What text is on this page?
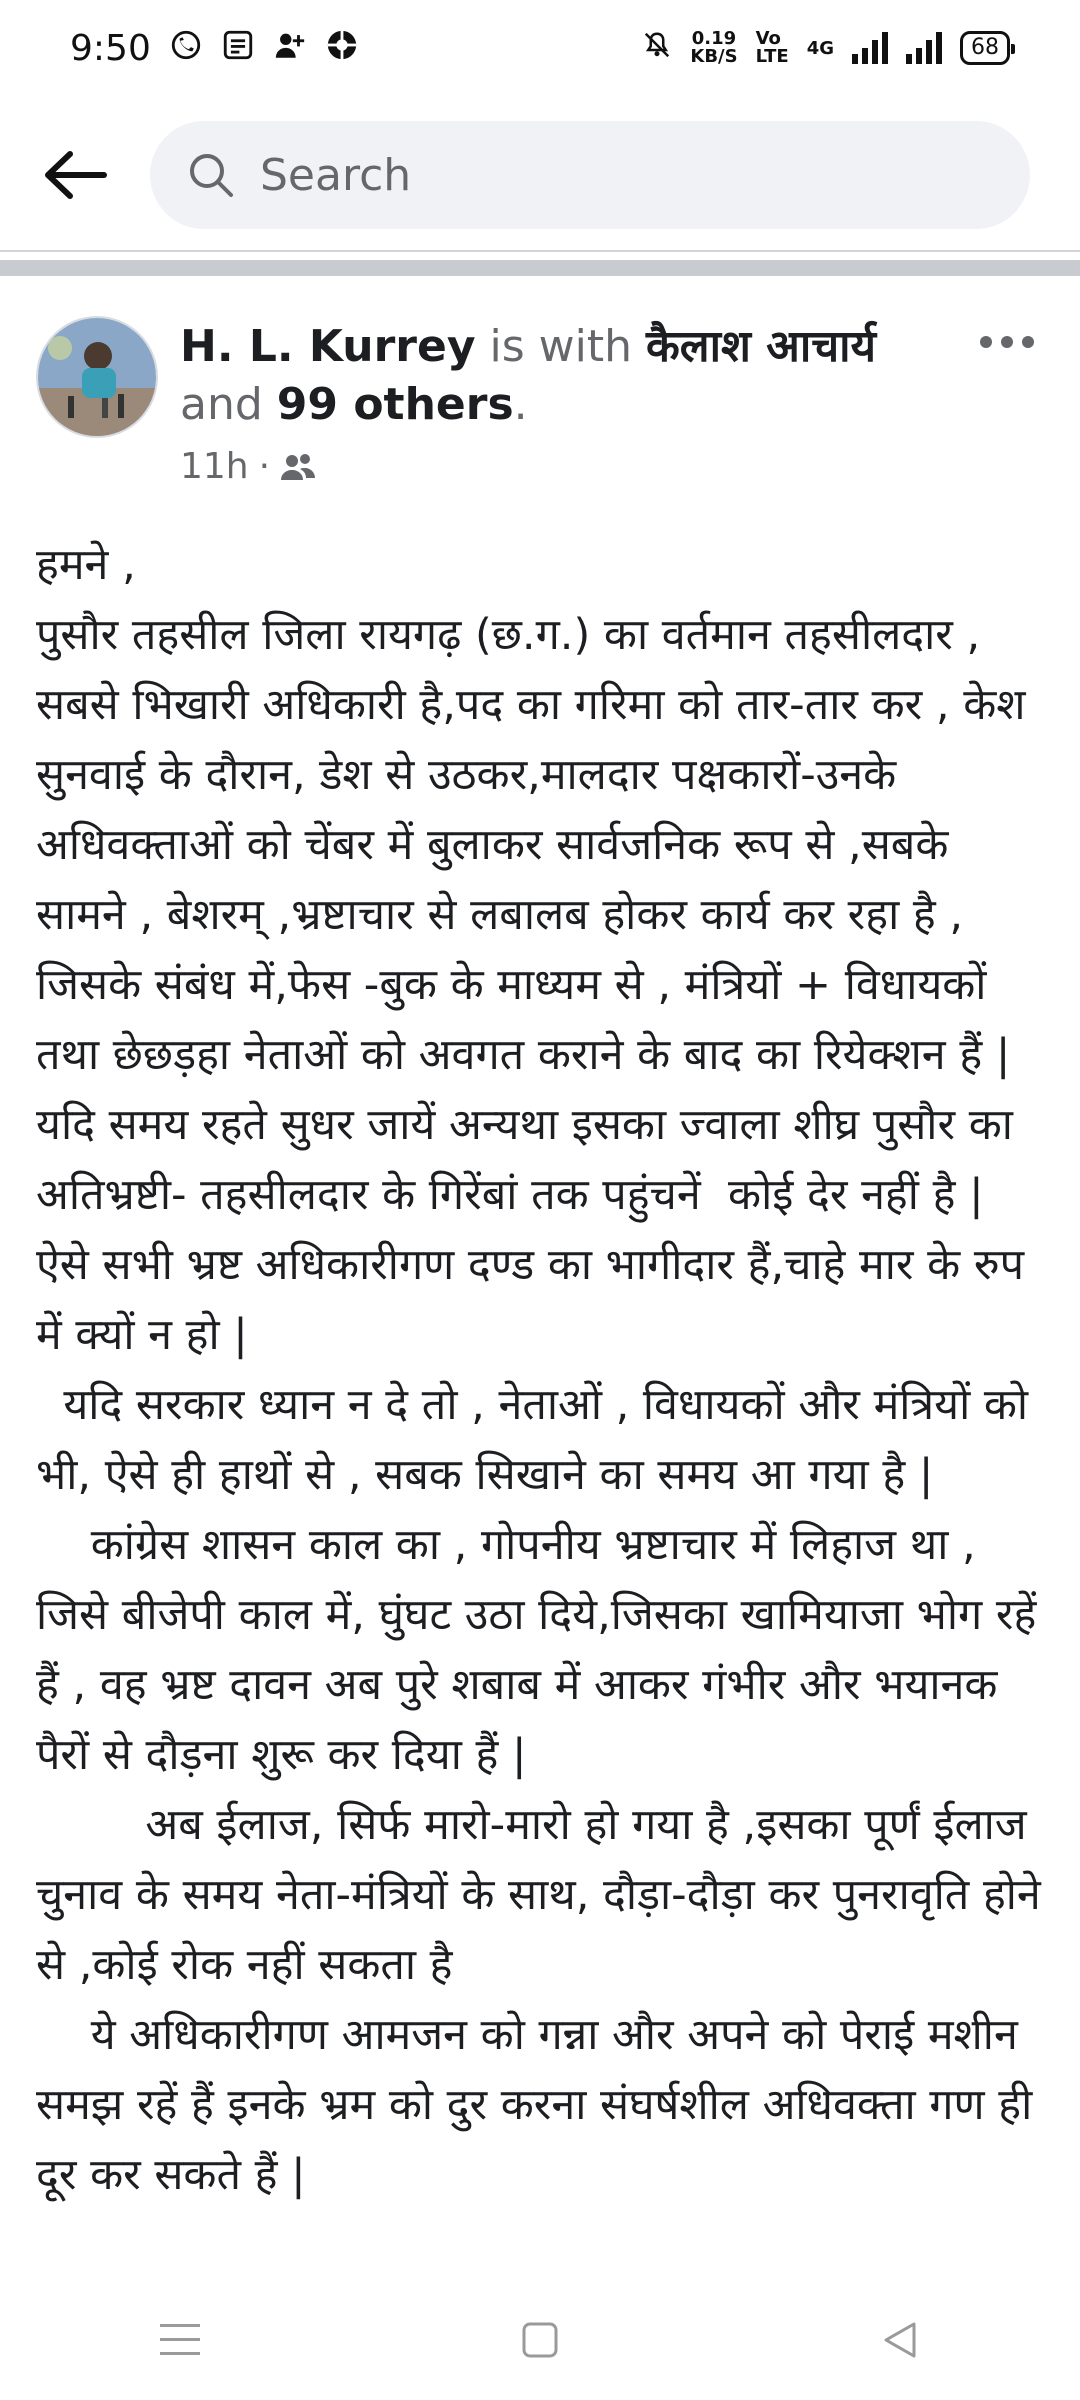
9:50	0.19
KB/S
Vo
LTE 4G	68
Search
H. L. Kurrey is with कैलाश आचार्य
and 99 others.
11h ·

हमने ,

पुसौर तहसील जिला रायगढ़ (छ.ग.) का वर्तमान तहसीलदार , सबसे भिखारी अधिकारी है,पद का गरिमा को तार-तार कर , केश सुनवाई के दौरान, डेश से उठकर,मालदार पक्षकारों-उनके अधिवक्ताओं को चेंबर में बुलाकर सार्वजनिक रूप से ,सबके सामने , बेशरम् ,भ्रष्टाचार से लबालब होकर कार्य कर रहा है , जिसके संबंध में,फेस -बुक के माध्यम से , मंत्रियों + विधायकों तथा छेछड़हा नेताओं को अवगत कराने के बाद का रियेक्शन हैं | यदि समय रहते सुधर जायें अन्यथा इसका ज्वाला शीघ्र पुसौर का अतिभ्रष्टी- तहसीलदार के गिरेंबां तक पहुंचनें  कोई देर नहीं है |

ऐसे सभी भ्रष्ट अधिकारीगण दण्ड का भागीदार हैं,चाहे मार के रुप में क्यों न हो |

यदि सरकार ध्यान न दे तो , नेताओं , विधायकों और मंत्रियों को भी, ऐसे ही हाथों से , सबक सिखाने का समय आ गया है |

कांग्रेस शासन काल का , गोपनीय भ्रष्टाचार में लिहाज था , जिसे बीजेपी काल में, घुंघट उठा दिये,जिसका खामियाजा भोग रहें हैं , वह भ्रष्ट दावन अब पुरे शबाब में आकर गंभीर और भयानक पैरों से दौड़ना शुरू कर दिया हैं |

अब ईलाज, सिर्फ मारो-मारो हो गया है ,इसका पूर्णं ईलाज चुनाव के समय नेता-मंत्रियों के साथ, दौड़ा-दौड़ा कर पुनरावृति होने से ,कोई रोक नहीं सकता है

ये अधिकारीगण आमजन को गन्ना और अपने को पेराई मशीन समझ रहें हैं इनके भ्रम को दुर करना संघर्षशील अधिवक्ता गण ही दूर कर सकते हैं |
